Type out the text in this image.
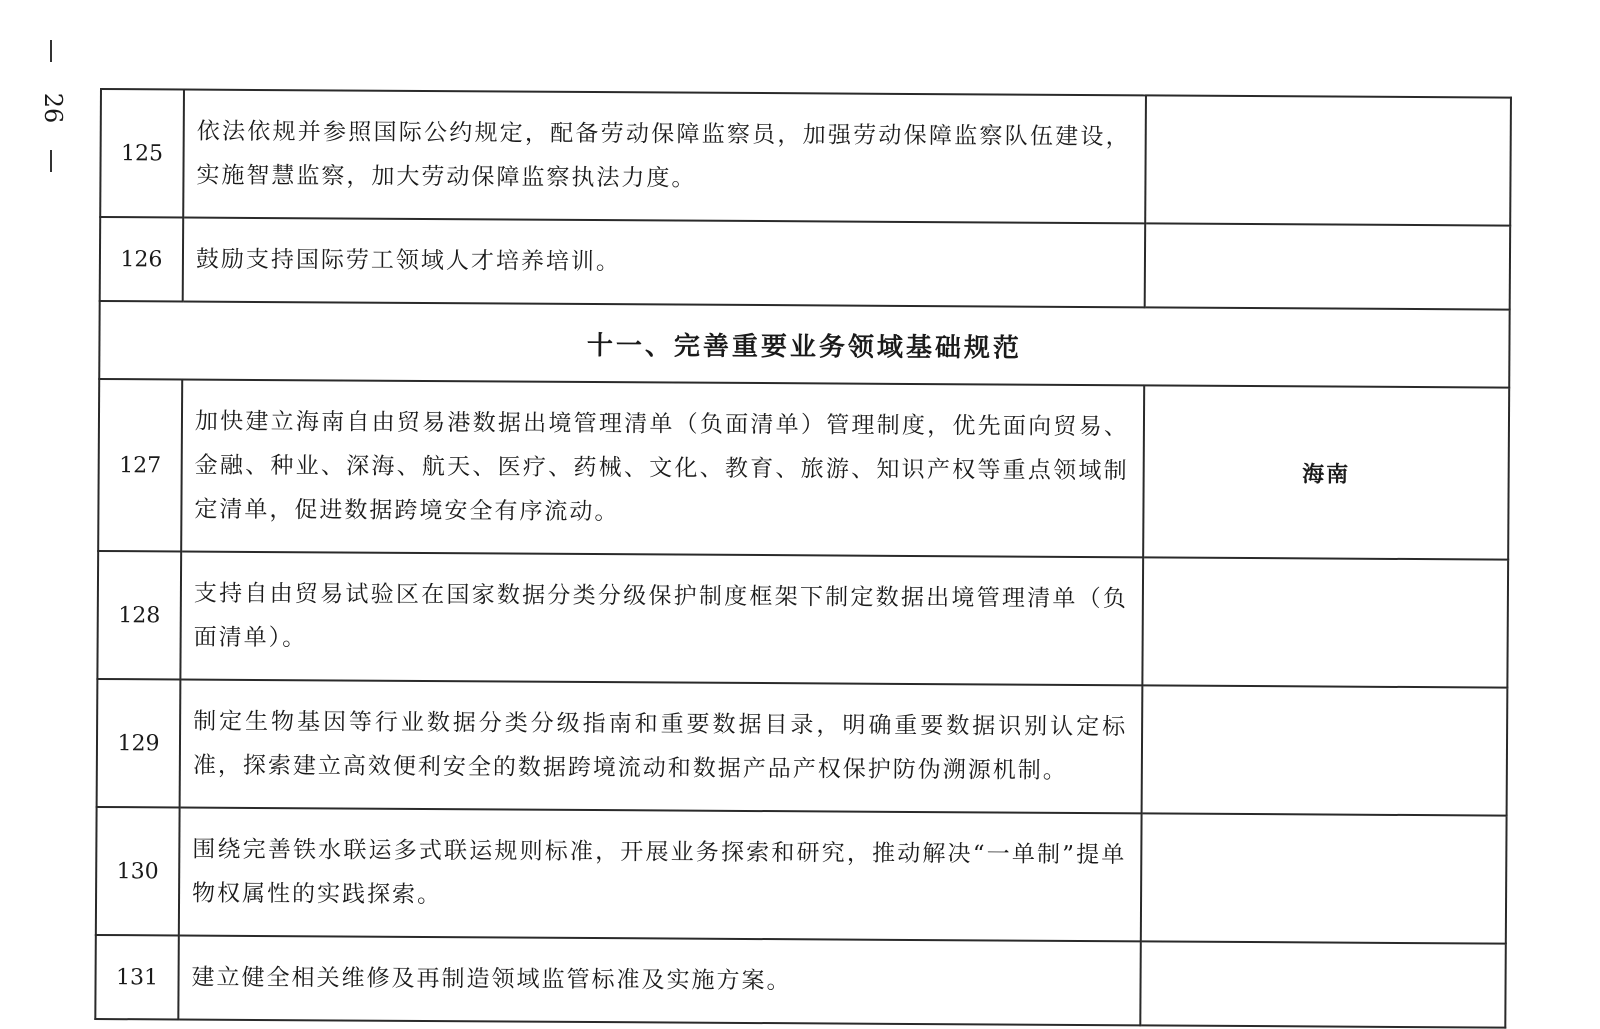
26
125	依法依规并参照国际公约规定，配备劳动保障监察员，加强劳动保障监察队伍建设，实施智慧监察，加大劳动保障监察执法力度。	
126	鼓励支持国际劳工领域人才培养培训。	
十一、完善重要业务领域基础规范		
127	加快建立海南自由贸易港数据出境管理清单（负面清单）管理制度，优先面向贸易、金融、种业、深海、航天、医疗、药械、文化、教育、旅游、知识产权等重点领域制定清单，促进数据跨境安全有序流动。	海南
128	支持自由贸易试验区在国家数据分类分级保护制度框架下制定数据出境管理清单（负面清单）。	
129	制定生物基因等行业数据分类分级指南和重要数据目录，明确重要数据识别认定标准，探索建立高效便利安全的数据跨境流动和数据产品产权保护防伪溯源机制。	
130	围绕完善铁水联运多式联运规则标准，开展业务探索和研究，推动解决“一单制”提单物权属性的实践探索。	
131	建立健全相关维修及再制造领域监管标准及实施方案。	
